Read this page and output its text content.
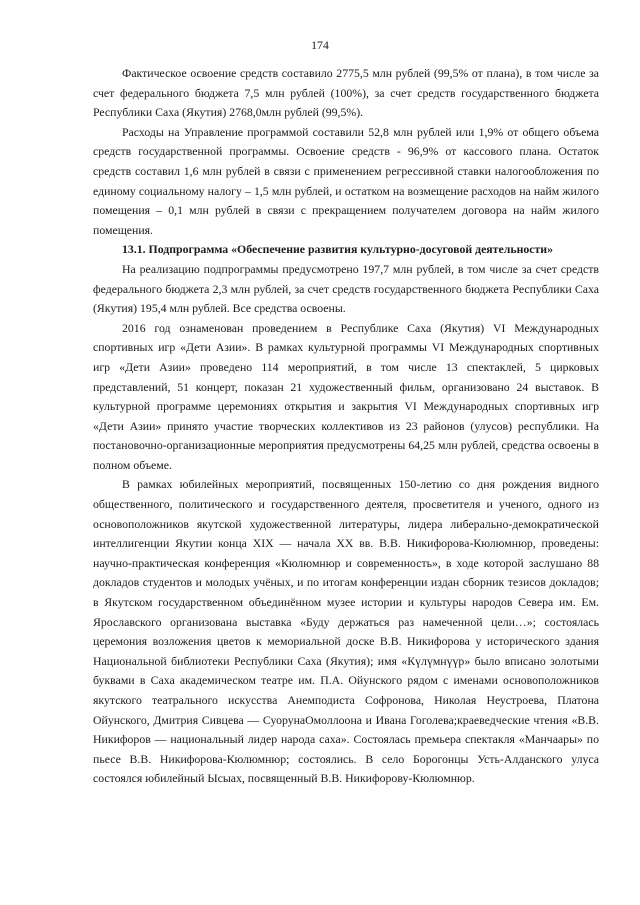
174

Фактическое освоение средств составило 2775,5 млн рублей (99,5% от плана), в том числе за счет федерального бюджета 7,5 млн рублей (100%), за счет средств государственного бюджета Республики Саха (Якутия) 2768,0млн рублей (99,5%).

Расходы на Управление программой составили 52,8 млн рублей или 1,9% от общего объема средств государственной программы. Освоение средств - 96,9% от кассового плана. Остаток средств составил 1,6 млн рублей в связи с применением регрессивной ставки налогообложения по единому социальному налогу – 1,5 млн рублей, и остатком на возмещение расходов на найм жилого помещения – 0,1 млн рублей в связи с прекращением получателем договора на найм жилого помещения.

13.1. Подпрограмма «Обеспечение развития культурно-досуговой деятельности»

На реализацию подпрограммы предусмотрено 197,7 млн рублей, в том числе за счет средств федерального бюджета 2,3 млн рублей, за счет средств государственного бюджета Республики Саха (Якутия) 195,4 млн рублей. Все средства освоены.

2016 год ознаменован проведением в Республике Саха (Якутия) VI Международных спортивных игр «Дети Азии». В рамках культурной программы VI Международных спортивных игр «Дети Азии» проведено 114 мероприятий, в том числе 13 спектаклей, 5 цирковых представлений, 51 концерт, показан 21 художественный фильм, организовано 24 выставок. В культурной программе церемониях открытия и закрытия VI Международных спортивных игр «Дети Азии» принято участие творческих коллективов из 23 районов (улусов) республики. На постановочно-организационные мероприятия предусмотрены 64,25 млн рублей, средства освоены в полном объеме.

В рамках юбилейных мероприятий, посвященных 150-летию со дня рождения видного общественного, политического и государственного деятеля, просветителя и ученого, одного из основоположников якутской художественной литературы, лидера либерально-демократической интеллигенции Якутии конца XIX — начала XX вв. В.В. Никифорова-Кюлюмнюр, проведены: научно-практическая конференция «Кюлюмнюр и современность», в ходе которой заслушано 88 докладов студентов и молодых учёных, и по итогам конференции издан сборник тезисов докладов; в Якутском государственном объединённом музее истории и культуры народов Севера им. Ем. Ярославского организована выставка «Буду держаться раз намеченной цели…»; состоялась церемония возложения цветов к мемориальной доске В.В. Никифорова у исторического здания Национальной библиотеки Республики Саха (Якутия); имя «Күлүмнүүр» было вписано золотыми буквами в Саха академическом театре им. П.А. Ойунского рядом с именами основоположников якутского театрального искусства Анемподиста Софронова, Николая Неустроева, Платона Ойунского, Дмитрия Сивцева — СуорунаОмоллоона и Ивана Гоголева;краеведческие чтения «В.В. Никифоров — национальный лидер народа саха». Состоялась премьера спектакля «Манчаары» по пьесе В.В. Никифорова-Кюлюмнюр; состоялись. В село Борогонцы Усть-Алданского улуса состоялся юбилейный Ысыах, посвященный В.В. Никифорову-Кюлюмнюр.
